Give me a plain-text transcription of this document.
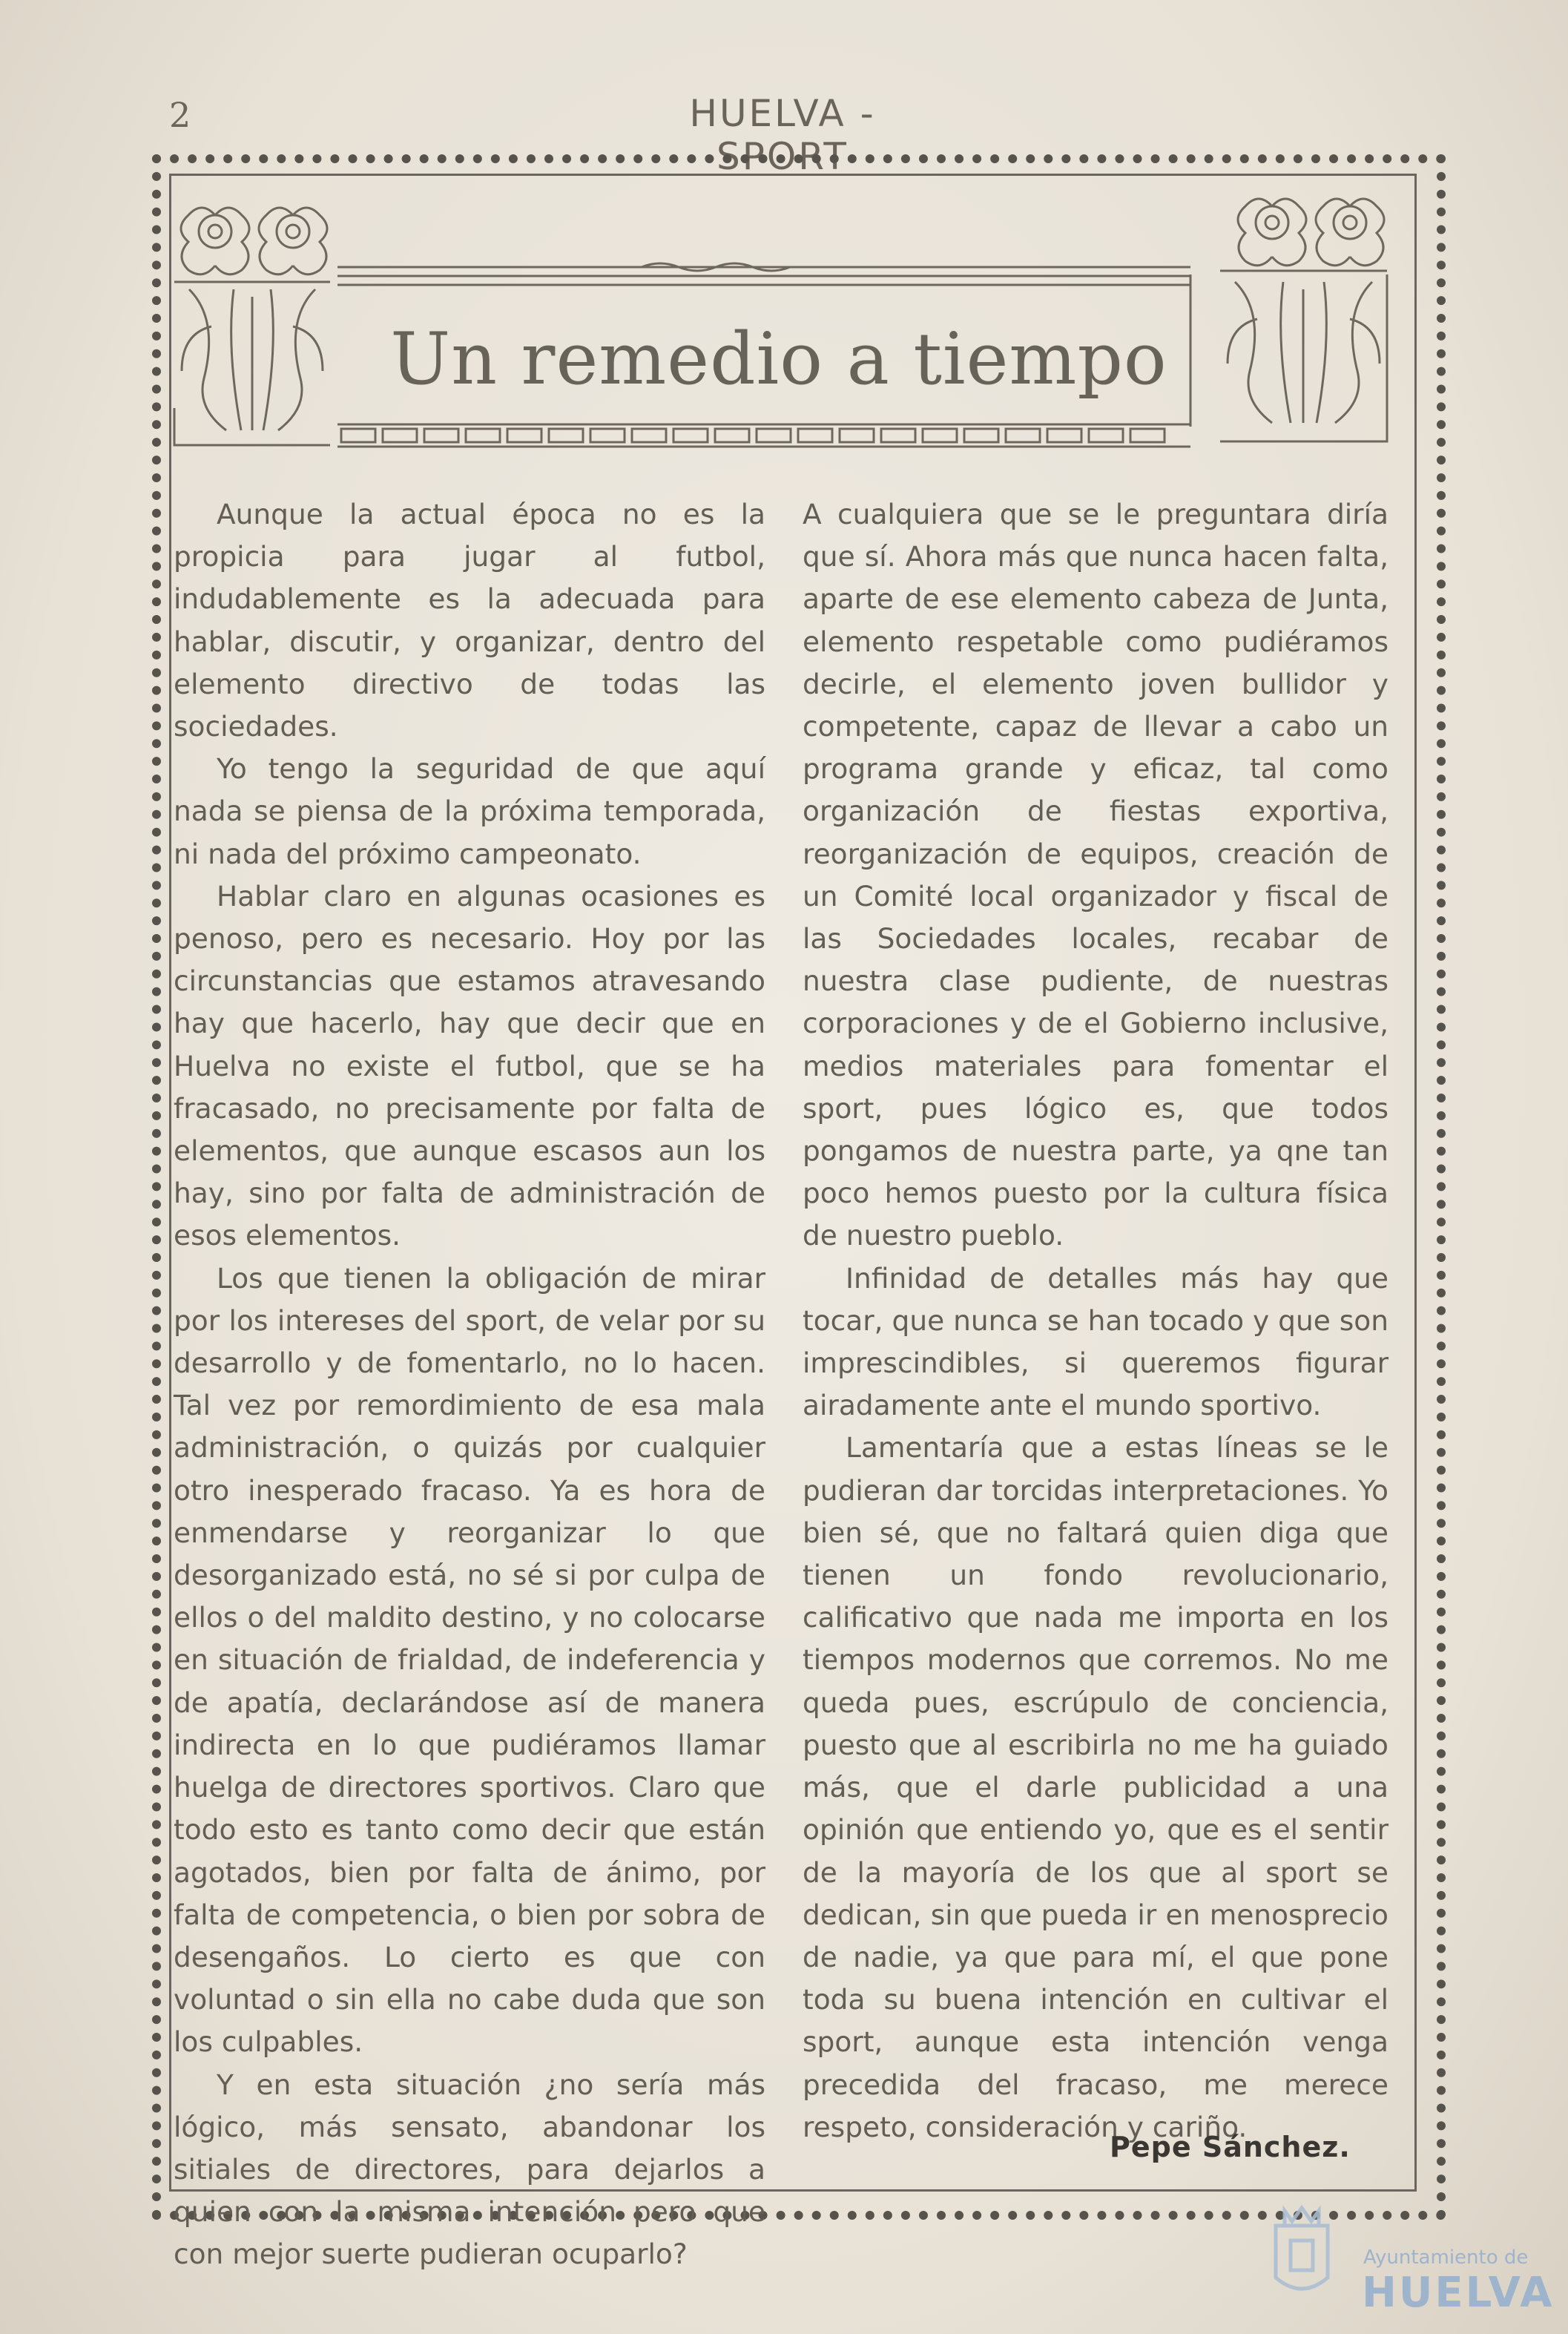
2	HUELVA - SPORT
Un remedio a tiempo

Aunque la actual época no es la propicia para jugar al futbol, indudablemente es la adecuada para hablar, discutir, y organizar, dentro del elemento directivo de todas las sociedades.

Yo tengo la seguridad de que aquí nada se piensa de la próxima temporada, ni nada del próximo campeonato.

Hablar claro en algunas ocasiones es penoso, pero es necesario. Hoy por las circunstancias que estamos atravesando hay que hacerlo, hay que decir que en Huelva no existe el futbol, que se ha fracasado, no precisamente por falta de elementos, que aunque escasos aun los hay, sino por falta de administración de esos elementos.

Los que tienen la obligación de mirar por los intereses del sport, de velar por su desarrollo y de fomentarlo, no lo hacen. Tal vez por remordimiento de esa mala administración, o quizás por cualquier otro inesperado fracaso. Ya es hora de enmendarse y reorganizar lo que desorganizado está, no sé si por culpa de ellos o del maldito destino, y no colocarse en situación de frialdad, de indeferencia y de apatía, declarándose así de manera indirecta en lo que pudiéramos llamar huelga de directores sportivos. Claro que todo esto es tanto como decir que están agotados, bien por falta de ánimo, por falta de competencia, o bien por sobra de desengaños. Lo cierto es que con voluntad o sin ella no cabe duda que son los culpables.

Y en esta situación ¿no sería más lógico, más sensato, abandonar los sitiales de directores, para dejarlos a quien con la misma intención pero que con mejor suerte pudieran ocuparlo?

A cualquiera que se le preguntara diría que sí. Ahora más que nunca hacen falta, aparte de ese elemento cabeza de Junta, elemento respetable como pudiéramos decirle, el elemento joven bullidor y competente, capaz de llevar a cabo un programa grande y eficaz, tal como organización de fiestas exportiva, reorganización de equipos, creación de un Comité local organizador y fiscal de las Sociedades locales, recabar de nuestra clase pudiente, de nuestras corporaciones y de el Gobierno inclusive, medios materiales para fomentar el sport, pues lógico es, que todos pongamos de nuestra parte, ya qne tan poco hemos puesto por la cultura física de nuestro pueblo.

Infinidad de detalles más hay que tocar, que nunca se han tocado y que son imprescindibles, si queremos figurar airadamente ante el mundo sportivo.

Lamentaría que a estas líneas se le pudieran dar torcidas interpretaciones. Yo bien sé, que no faltará quien diga que tienen un fondo revolucionario, calificativo que nada me importa en los tiempos modernos que corremos. No me queda pues, escrúpulo de conciencia, puesto que al escribirla no me ha guiado más, que el darle publicidad a una opinión que entiendo yo, que es el sentir de la mayoría de los que al sport se dedican, sin que pueda ir en menosprecio de nadie, ya que para mí, el que pone toda su buena intención en cultivar el sport, aunque esta intención venga precedida del fracaso, me merece respeto, consideración y cariño.

Pepe Sánchez.
Ayuntamiento de
HUELVA
